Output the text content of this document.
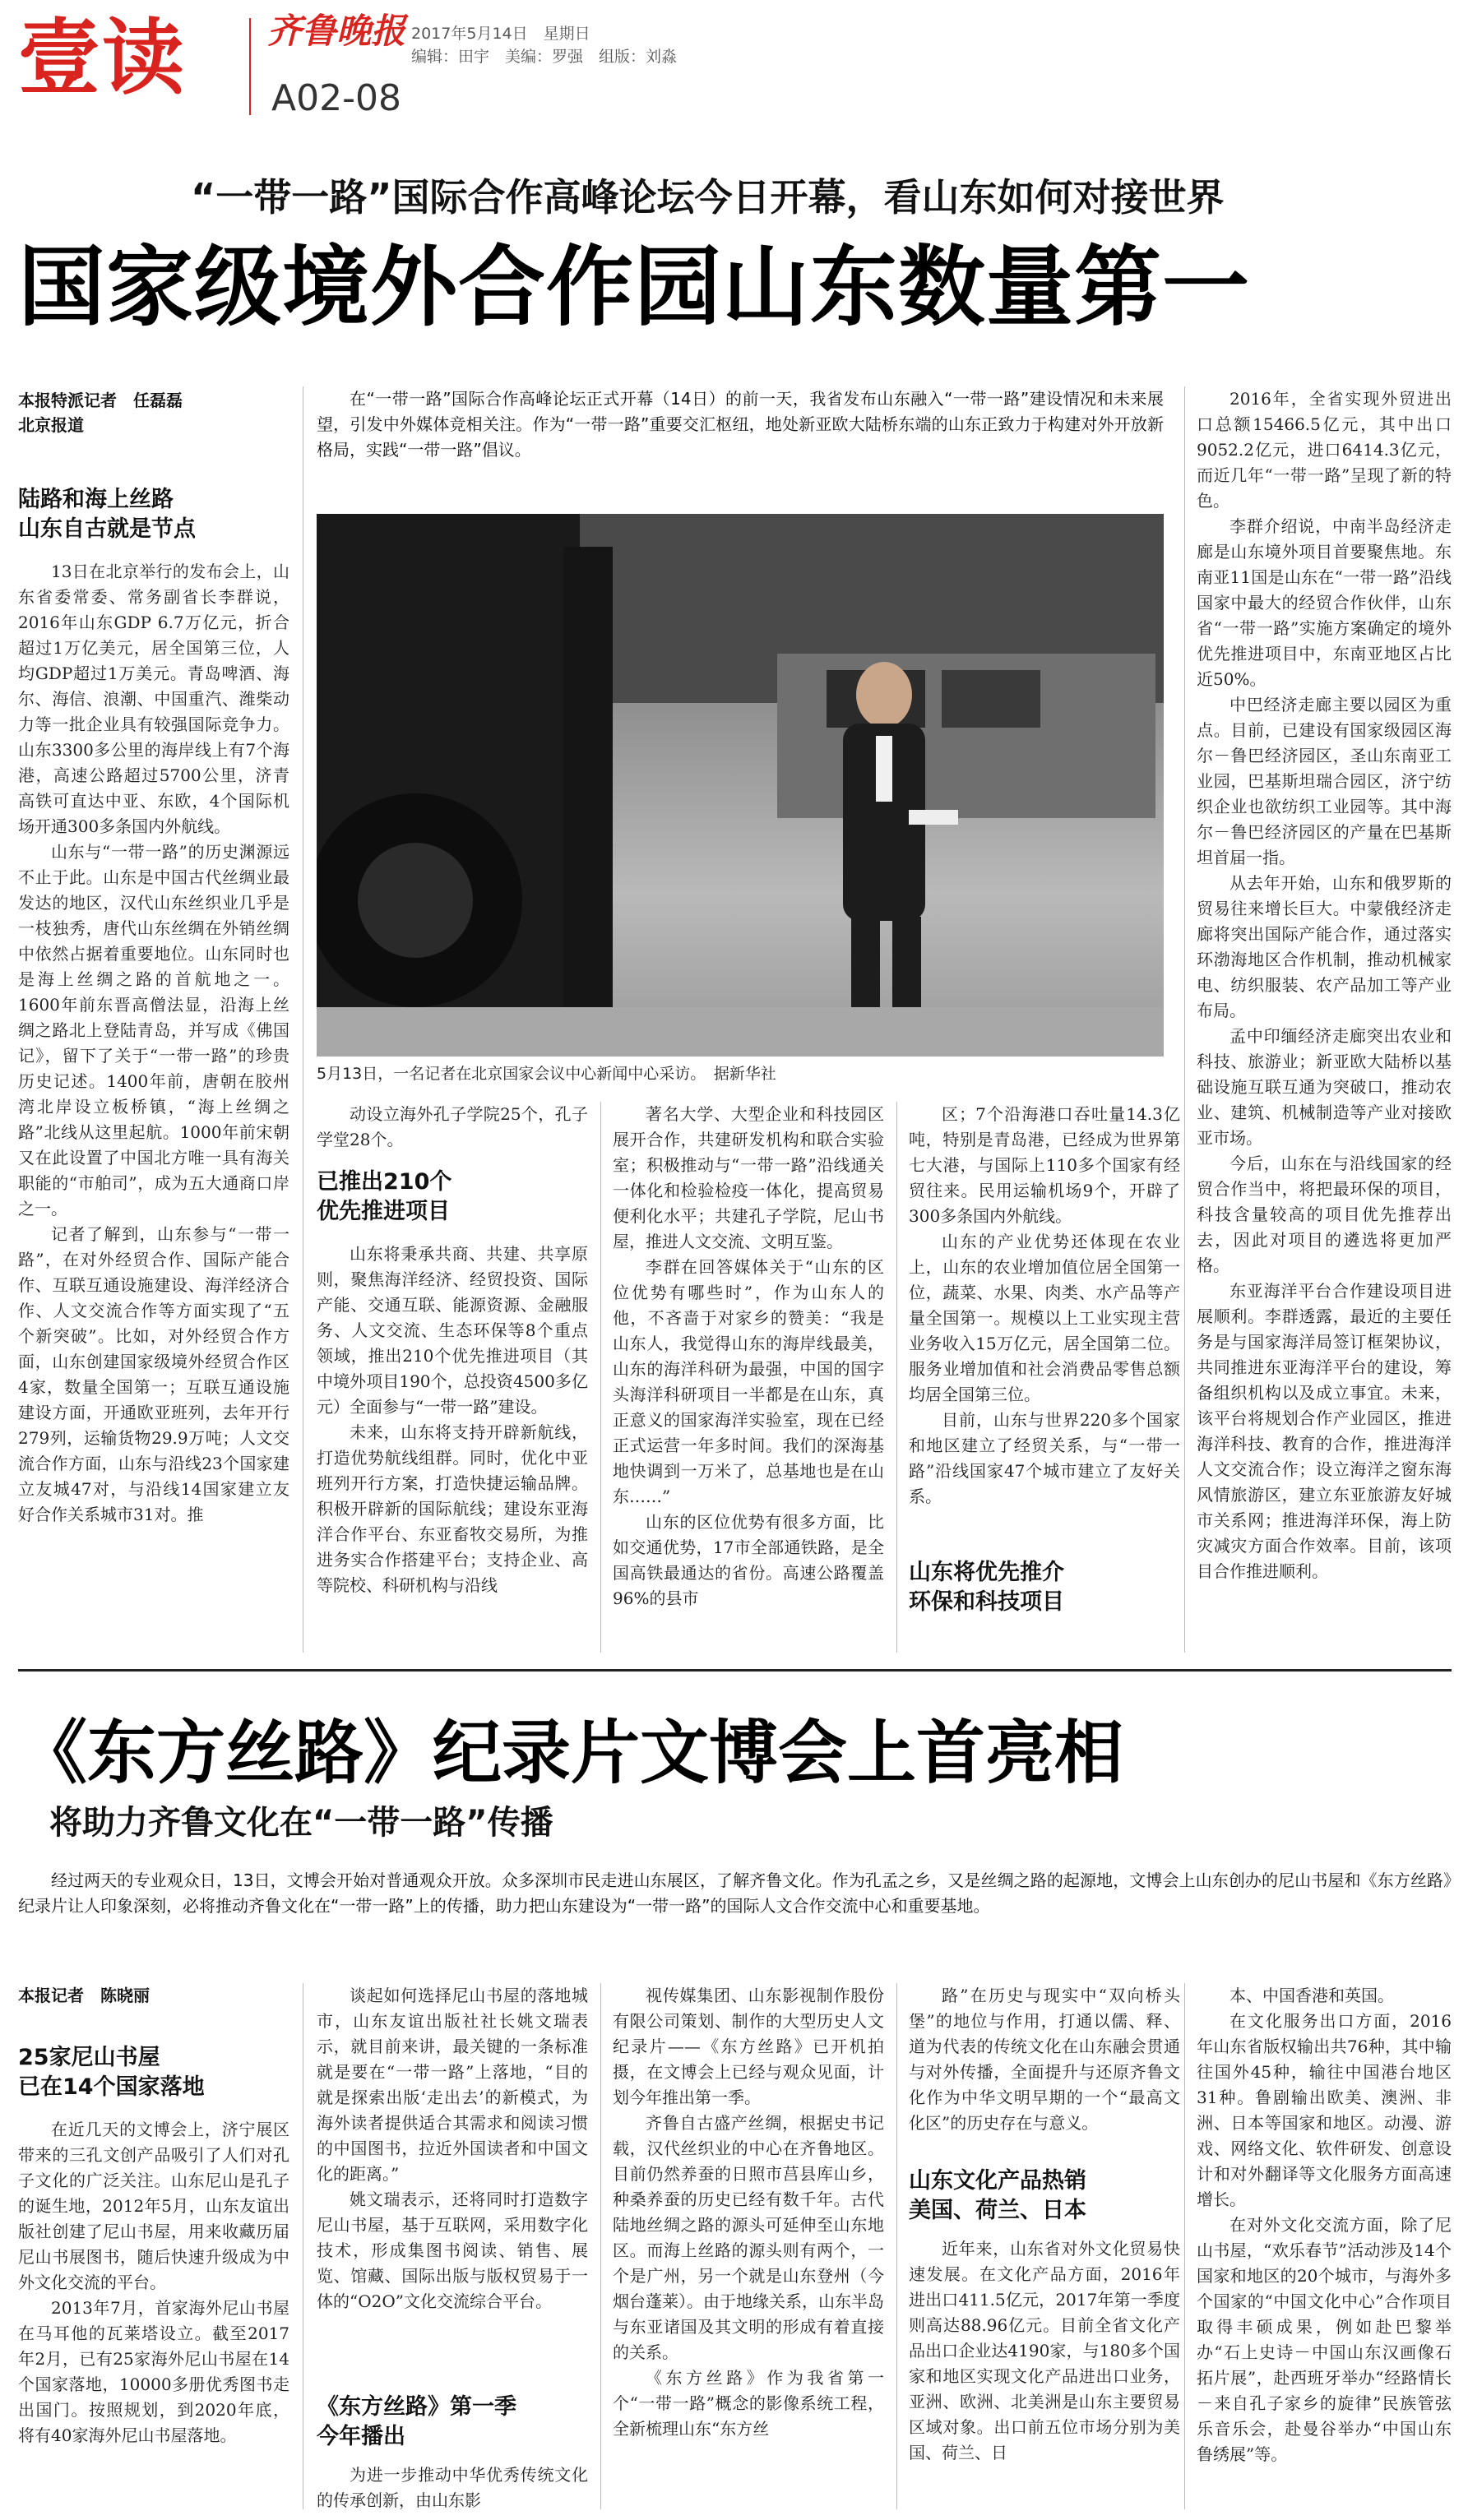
壹读 齐鲁晚报 2017年5月14日　星期日
编辑：田宇　美编：罗强　组版：刘淼
A02-08
“一带一路”国际合作高峰论坛今日开幕，看山东如何对接世界
国家级境外合作园山东数量第一
本报特派记者　任磊磊
北京报道
在“一带一路”国际合作高峰论坛正式开幕（14日）的前一天，我省发布山东融入“一带一路”建设情况和未来展望，引发中外媒体竞相关注。作为“一带一路”重要交汇枢纽，地处新亚欧大陆桥东端的山东正致力于构建对外开放新格局，实践“一带一路”倡议。
陆路和海上丝路
山东自古就是节点

13日在北京举行的发布会上，山东省委常委、常务副省长李群说，2016年山东GDP 6.7万亿元，折合超过1万亿美元，居全国第三位，人均GDP超过1万美元。青岛啤酒、海尔、海信、浪潮、中国重汽、潍柴动力等一批企业具有较强国际竞争力。山东3300多公里的海岸线上有7个海港，高速公路超过5700公里，济青高铁可直达中亚、东欧，4个国际机场开通300多条国内外航线。

山东与“一带一路”的历史渊源远不止于此。山东是中国古代丝绸业最发达的地区，汉代山东丝织业几乎是一枝独秀，唐代山东丝绸在外销丝绸中依然占据着重要地位。山东同时也是海上丝绸之路的首航地之一。1600年前东晋高僧法显，沿海上丝绸之路北上登陆青岛，并写成《佛国记》，留下了关于“一带一路”的珍贵历史记述。1400年前，唐朝在胶州湾北岸设立板桥镇，“海上丝绸之路”北线从这里起航。1000年前宋朝又在此设置了中国北方唯一具有海关职能的“市舶司”，成为五大通商口岸之一。

记者了解到，山东参与“一带一路”，在对外经贸合作、国际产能合作、互联互通设施建设、海洋经济合作、人文交流合作等方面实现了“五个新突破”。比如，对外经贸合作方面，山东创建国家级境外经贸合作区4家，数量全国第一；互联互通设施建设方面，开通欧亚班列，去年开行279列，运输货物29.9万吨；人文交流合作方面，山东与沿线23个国家建立友城47对，与沿线14国家建立友好合作关系城市31对。推

5月13日，一名记者在北京国家会议中心新闻中心采访。　据新华社

动设立海外孔子学院25个，孔子学堂28个。

已推出210个
优先推进项目

山东将秉承共商、共建、共享原则，聚焦海洋经济、经贸投资、国际产能、交通互联、能源资源、金融服务、人文交流、生态环保等8个重点领域，推出210个优先推进项目（其中境外项目190个，总投资4500多亿元）全面参与“一带一路”建设。

未来，山东将支持开辟新航线，打造优势航线组群。同时，优化中亚班列开行方案，打造快捷运输品牌。积极开辟新的国际航线；建设东亚海洋合作平台、东亚畜牧交易所，为推进务实合作搭建平台；支持企业、高等院校、科研机构与沿线

著名大学、大型企业和科技园区展开合作，共建研发机构和联合实验室；积极推动与“一带一路”沿线通关一体化和检验检疫一体化，提高贸易便利化水平；共建孔子学院，尼山书屋，推进人文交流、文明互鉴。

李群在回答媒体关于“山东的区位优势有哪些时”，作为山东人的他，不吝啬于对家乡的赞美：“我是山东人，我觉得山东的海岸线最美，山东的海洋科研为最强，中国的国字头海洋科研项目一半都是在山东，真正意义的国家海洋实验室，现在已经正式运营一年多时间。我们的深海基地快调到一万米了，总基地也是在山东……”

山东的区位优势有很多方面，比如交通优势，17市全部通铁路，是全国高铁最通达的省份。高速公路覆盖96%的县市

区；7个沿海港口吞吐量14.3亿吨，特别是青岛港，已经成为世界第七大港，与国际上110多个国家有经贸往来。民用运输机场9个，开辟了300多条国内外航线。

山东的产业优势还体现在农业上，山东的农业增加值位居全国第一位，蔬菜、水果、肉类、水产品等产量全国第一。规模以上工业实现主营业务收入15万亿元，居全国第二位。服务业增加值和社会消费品零售总额均居全国第三位。

目前，山东与世界220多个国家和地区建立了经贸关系，与“一带一路”沿线国家47个城市建立了友好关系。

山东将优先推介
环保和科技项目

2016年，全省实现外贸进出口总额15466.5亿元，其中出口9052.2亿元，进口6414.3亿元，而近几年“一带一路”呈现了新的特色。

李群介绍说，中南半岛经济走廊是山东境外项目首要聚焦地。东南亚11国是山东在“一带一路”沿线国家中最大的经贸合作伙伴，山东省“一带一路”实施方案确定的境外优先推进项目中，东南亚地区占比近50%。

中巴经济走廊主要以园区为重点。目前，已建设有国家级园区海尔－鲁巴经济园区，圣山东南亚工业园，巴基斯坦瑞合园区，济宁纺织企业也欲纺织工业园等。其中海尔－鲁巴经济园区的产量在巴基斯坦首届一指。

从去年开始，山东和俄罗斯的贸易往来增长巨大。中蒙俄经济走廊将突出国际产能合作，通过落实环渤海地区合作机制，推动机械家电、纺织服装、农产品加工等产业布局。

孟中印缅经济走廊突出农业和科技、旅游业；新亚欧大陆桥以基础设施互联互通为突破口，推动农业、建筑、机械制造等产业对接欧亚市场。

今后，山东在与沿线国家的经贸合作当中，将把最环保的项目，科技含量较高的项目优先推荐出去，因此对项目的遴选将更加严格。

东亚海洋平台合作建设项目进展顺利。李群透露，最近的主要任务是与国家海洋局签订框架协议，共同推进东亚海洋平台的建设，筹备组织机构以及成立事宜。未来，该平台将规划合作产业园区，推进海洋科技、教育的合作，推进海洋人文交流合作；设立海洋之窗东海风情旅游区，建立东亚旅游友好城市关系网；推进海洋环保，海上防灾减灾方面合作效率。目前，该项目合作推进顺利。

《东方丝路》纪录片文博会上首亮相
将助力齐鲁文化在“一带一路”传播
经过两天的专业观众日，13日，文博会开始对普通观众开放。众多深圳市民走进山东展区，了解齐鲁文化。作为孔孟之乡，又是丝绸之路的起源地，文博会上山东创办的尼山书屋和《东方丝路》纪录片让人印象深刻，必将推动齐鲁文化在“一带一路”上的传播，助力把山东建设为“一带一路”的国际人文合作交流中心和重要基地。
本报记者　陈晓丽
25家尼山书屋
已在14个国家落地

在近几天的文博会上，济宁展区带来的三孔文创产品吸引了人们对孔子文化的广泛关注。山东尼山是孔子的诞生地，2012年5月，山东友谊出版社创建了尼山书屋，用来收藏历届尼山书展图书，随后快速升级成为中外文化交流的平台。

2013年7月，首家海外尼山书屋在马耳他的瓦莱塔设立。截至2017年2月，已有25家海外尼山书屋在14个国家落地，10000多册优秀图书走出国门。按照规划，到2020年底，将有40家海外尼山书屋落地。

谈起如何选择尼山书屋的落地城市，山东友谊出版社社长姚文瑞表示，就目前来讲，最关键的一条标准就是要在“一带一路”上落地，“目的就是探索出版‘走出去’的新模式，为海外读者提供适合其需求和阅读习惯的中国图书，拉近外国读者和中国文化的距离。”

姚文瑞表示，还将同时打造数字尼山书屋，基于互联网，采用数字化技术，形成集图书阅读、销售、展览、馆藏、国际出版与版权贸易于一体的“O2O”文化交流综合平台。

《东方丝路》第一季
今年播出

为进一步推动中华优秀传统文化的传承创新，由山东影

视传媒集团、山东影视制作股份有限公司策划、制作的大型历史人文纪录片——《东方丝路》已开机拍摄，在文博会上已经与观众见面，计划今年推出第一季。

齐鲁自古盛产丝绸，根据史书记载，汉代丝织业的中心在齐鲁地区。目前仍然养蚕的日照市莒县库山乡，种桑养蚕的历史已经有数千年。古代陆地丝绸之路的源头可延伸至山东地区。而海上丝路的源头则有两个，一个是广州，另一个就是山东登州（今烟台蓬莱）。由于地缘关系，山东半岛与东亚诸国及其文明的形成有着直接的关系。

《东方丝路》作为我省第一个“一带一路”概念的影像系统工程，全新梳理山东“东方丝

路”在历史与现实中“双向桥头堡”的地位与作用，打通以儒、释、道为代表的传统文化在山东融会贯通与对外传播，全面提升与还原齐鲁文化作为中华文明早期的一个“最高文化区”的历史存在与意义。

山东文化产品热销
美国、荷兰、日本

近年来，山东省对外文化贸易快速发展。在文化产品方面，2016年进出口411.5亿元，2017年第一季度则高达88.96亿元。目前全省文化产品出口企业达4190家，与180多个国家和地区实现文化产品进出口业务，亚洲、欧洲、北美洲是山东主要贸易区域对象。出口前五位市场分别为美国、荷兰、日

本、中国香港和英国。

在文化服务出口方面，2016年山东省版权输出共76种，其中输往国外45种，输往中国港台地区31种。鲁剧输出欧美、澳洲、非洲、日本等国家和地区。动漫、游戏、网络文化、软件研发、创意设计和对外翻译等文化服务方面高速增长。

在对外文化交流方面，除了尼山书屋，“欢乐春节”活动涉及14个国家和地区的20个城市，与海外多个国家的“中国文化中心”合作项目取得丰硕成果，例如赴巴黎举办“石上史诗－中国山东汉画像石拓片展”，赴西班牙举办“经路情长－来自孔子家乡的旋律”民族管弦乐音乐会，赴曼谷举办“中国山东鲁绣展”等。
